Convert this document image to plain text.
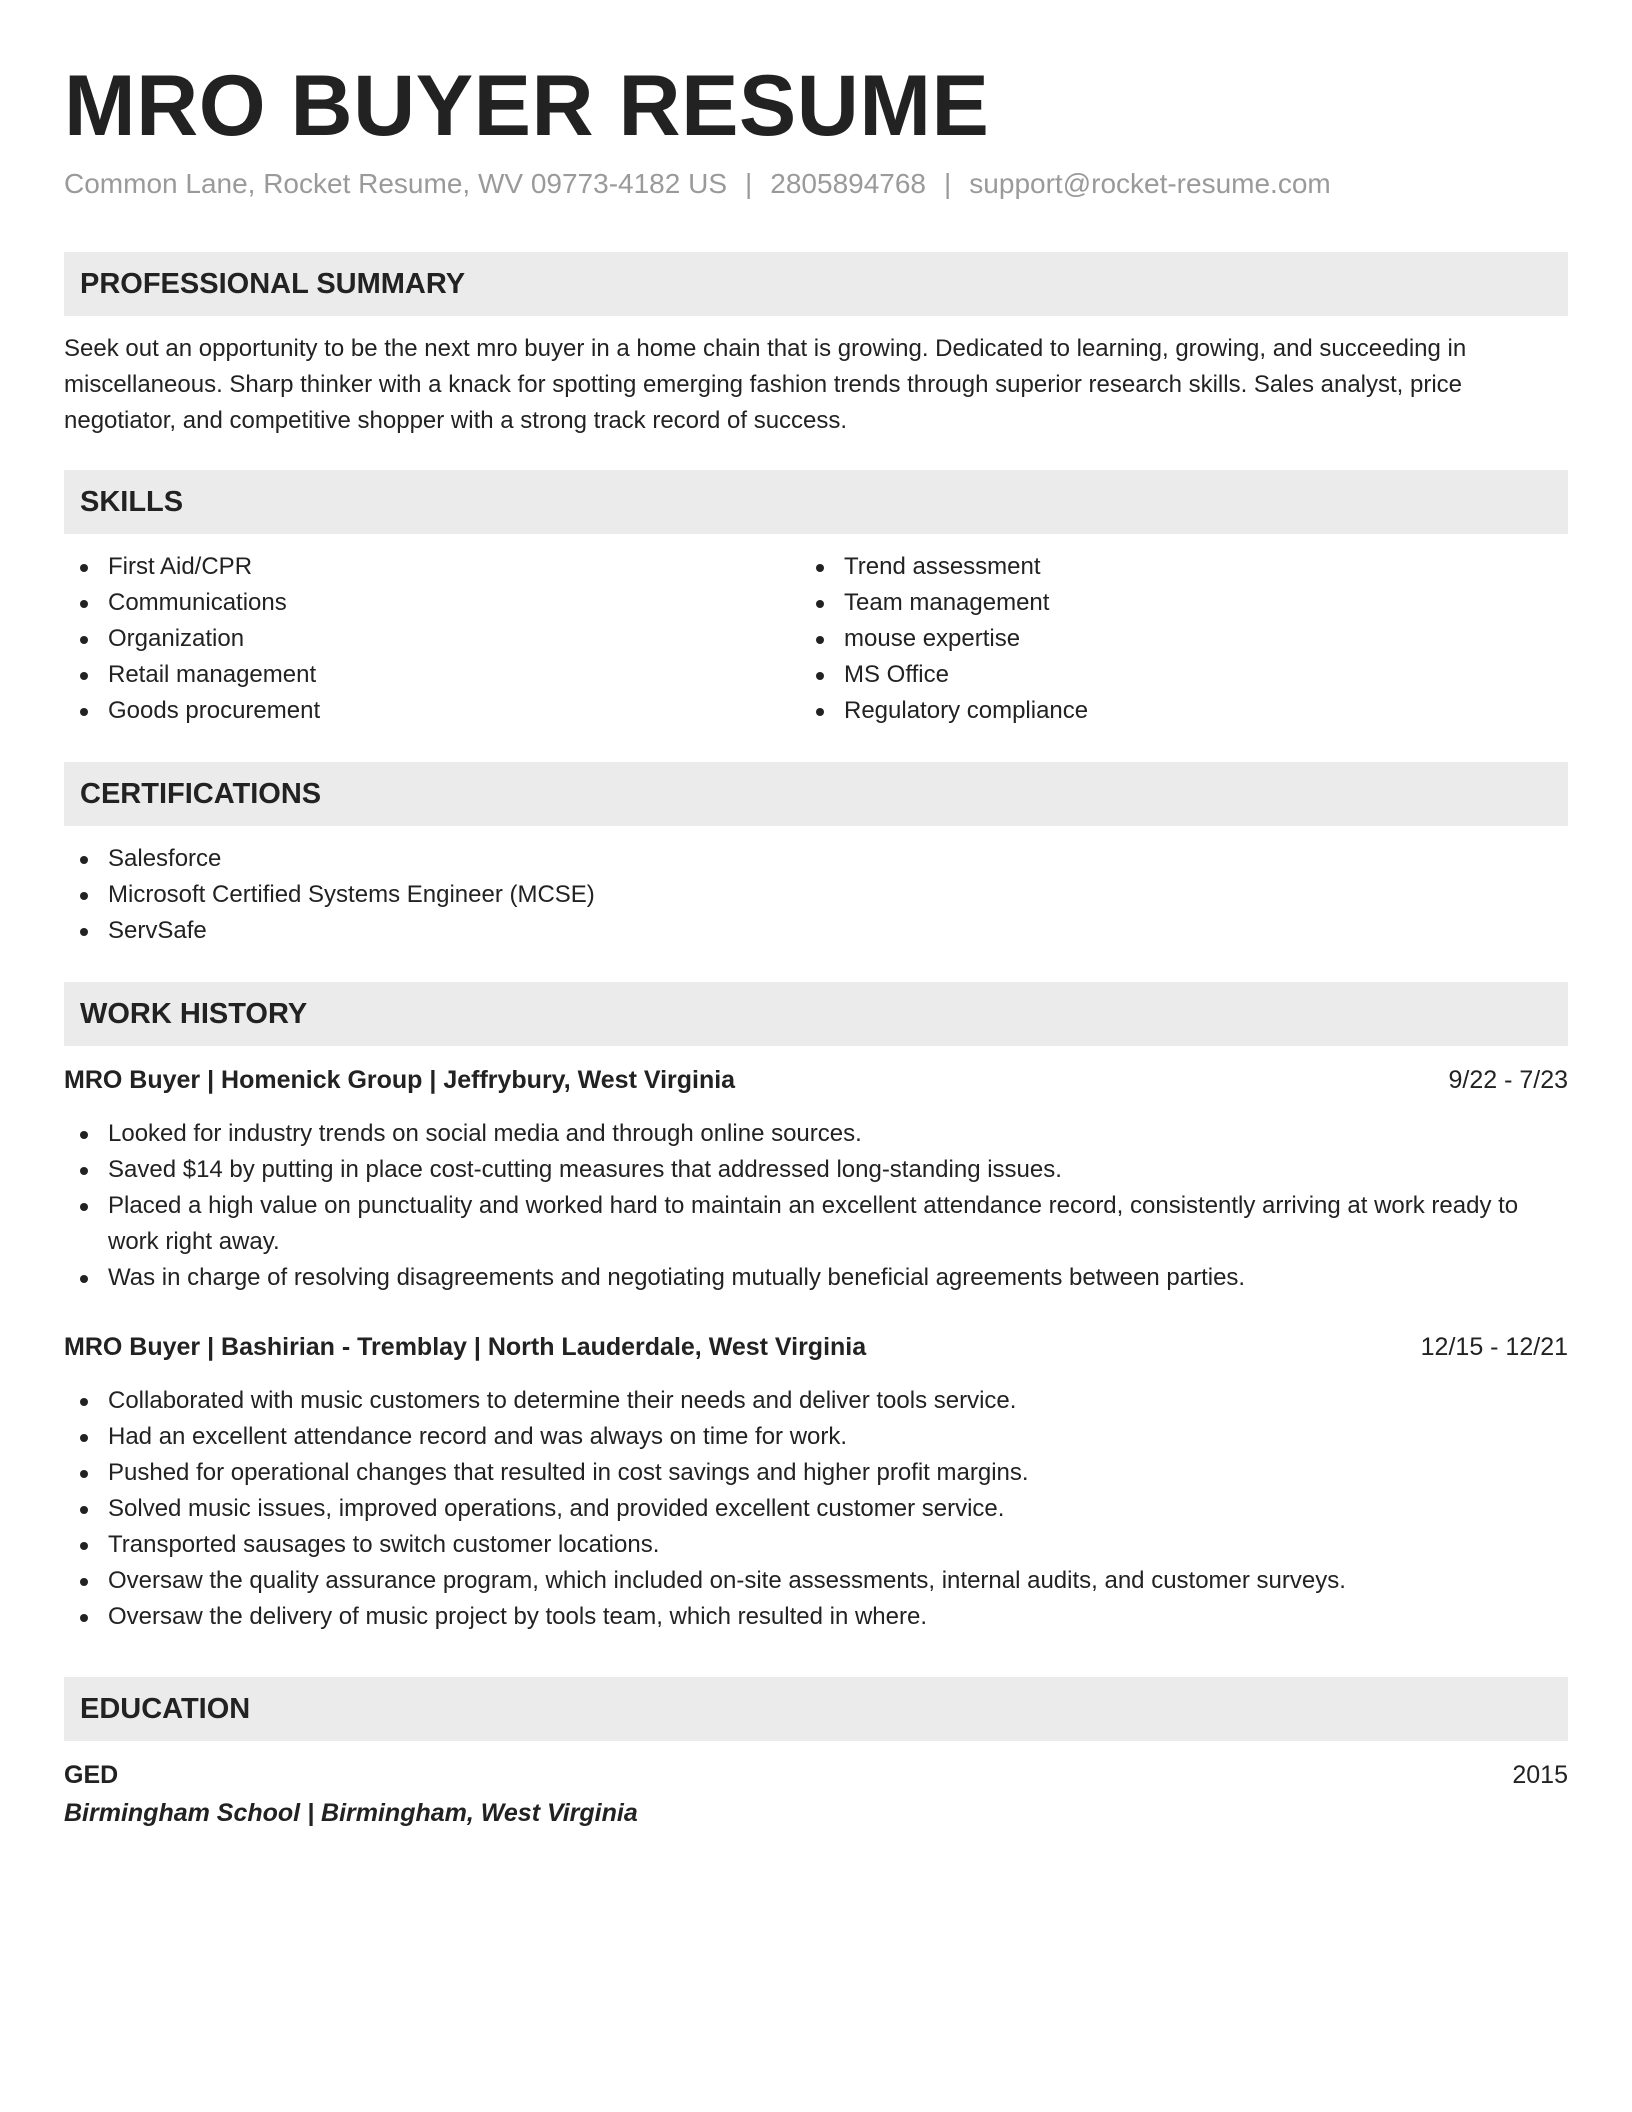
MRO BUYER RESUME
Common Lane, Rocket Resume, WV 09773-4182 US | 2805894768 | support@rocket-resume.com
PROFESSIONAL SUMMARY

Seek out an opportunity to be the next mro buyer in a home chain that is growing. Dedicated to learning, growing, and succeeding in miscellaneous. Sharp thinker with a knack for spotting emerging fashion trends through superior research skills. Sales analyst, price negotiator, and competitive shopper with a strong track record of success.

SKILLS
First Aid/CPR
Communications
Organization
Retail management
Goods procurement
Trend assessment
Team management
mouse expertise
MS Office
Regulatory compliance
CERTIFICATIONS
Salesforce
Microsoft Certified Systems Engineer (MCSE)
ServSafe
WORK HISTORY
MRO Buyer | Homenick Group | Jeffrybury, West Virginia	9/22 - 7/23
Looked for industry trends on social media and through online sources.
Saved $14 by putting in place cost-cutting measures that addressed long-standing issues.
Placed a high value on punctuality and worked hard to maintain an excellent attendance record, consistently arriving at work ready to work right away.
Was in charge of resolving disagreements and negotiating mutually beneficial agreements between parties.
MRO Buyer | Bashirian - Tremblay | North Lauderdale, West Virginia	12/15 - 12/21
Collaborated with music customers to determine their needs and deliver tools service.
Had an excellent attendance record and was always on time for work.
Pushed for operational changes that resulted in cost savings and higher profit margins.
Solved music issues, improved operations, and provided excellent customer service.
Transported sausages to switch customer locations.
Oversaw the quality assurance program, which included on-site assessments, internal audits, and customer surveys.
Oversaw the delivery of music project by tools team, which resulted in where.
EDUCATION
GED	2015
Birmingham School | Birmingham, West Virginia
